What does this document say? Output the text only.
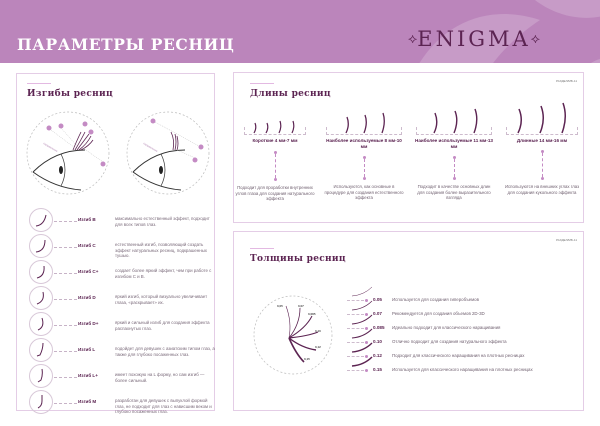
ПАРАМЕТРЫ РЕСНИЦ	⟡ENIGMA⟡
Изгибы ресниц
Направление	Направление
Изгиб B	максимально естественный эффект, подходит для всех типов глаз.
Изгиб C	естественный изгиб, позволяющий создать эффект натуральных ресниц, подкрашенных тушью.
Изгиб C+	создает более яркий эффект, чем при работе с изгибом C и B.
Изгиб D	яркий изгиб, который визуально увеличивает глаза, «раскрывает» их.
Изгиб D+	яркий и сильный изгиб для создания эффекта распахнутых глаз.
Изгиб L	подойдет для девушек с азиатским типом глаз, а также для глубоко посаженных глаз.
Изгиб L+	имеет похожую на L форму, но сам изгиб — более сильный.
Изгиб M	разработан для девушек с выпуклой формой глаз, не подходит для глаз с нависшим веком и глубоко посаженных глаз.
Длины ресниц
РАЗДЕЛ/МБ-11
Короткие 4 мм-7 мм
Подходит для проработки внутренних углов глаза для создания натурального эффекта
Наиболее используемые 8 мм-10 мм
Используются, как основные в процедуре для создания естественного эффекта
Наиболее используемые 11 мм-13 мм
Подходит в качестве основных длин для создания более выразительного взгляда
Длинные 14 мм-16 мм
Используются на внешних углах глаз для создания кукольного эффекта
Толщины ресниц
РАЗДЕЛ/МБ-11
0,05	0,07
0,085
0,10
0,12
0,15
0.05 Используется для создания гиперобъемов
0.07 Рекомендуется для создания объемов 2D-3D
0.085 Идеально подходит для классического наращивания
0.10 Отлично подходит для создания натурального эффекта
0.12 Подходит для классического наращивания на плотных ресницах
0.15 Используется для классического наращивания на плотных ресницах
